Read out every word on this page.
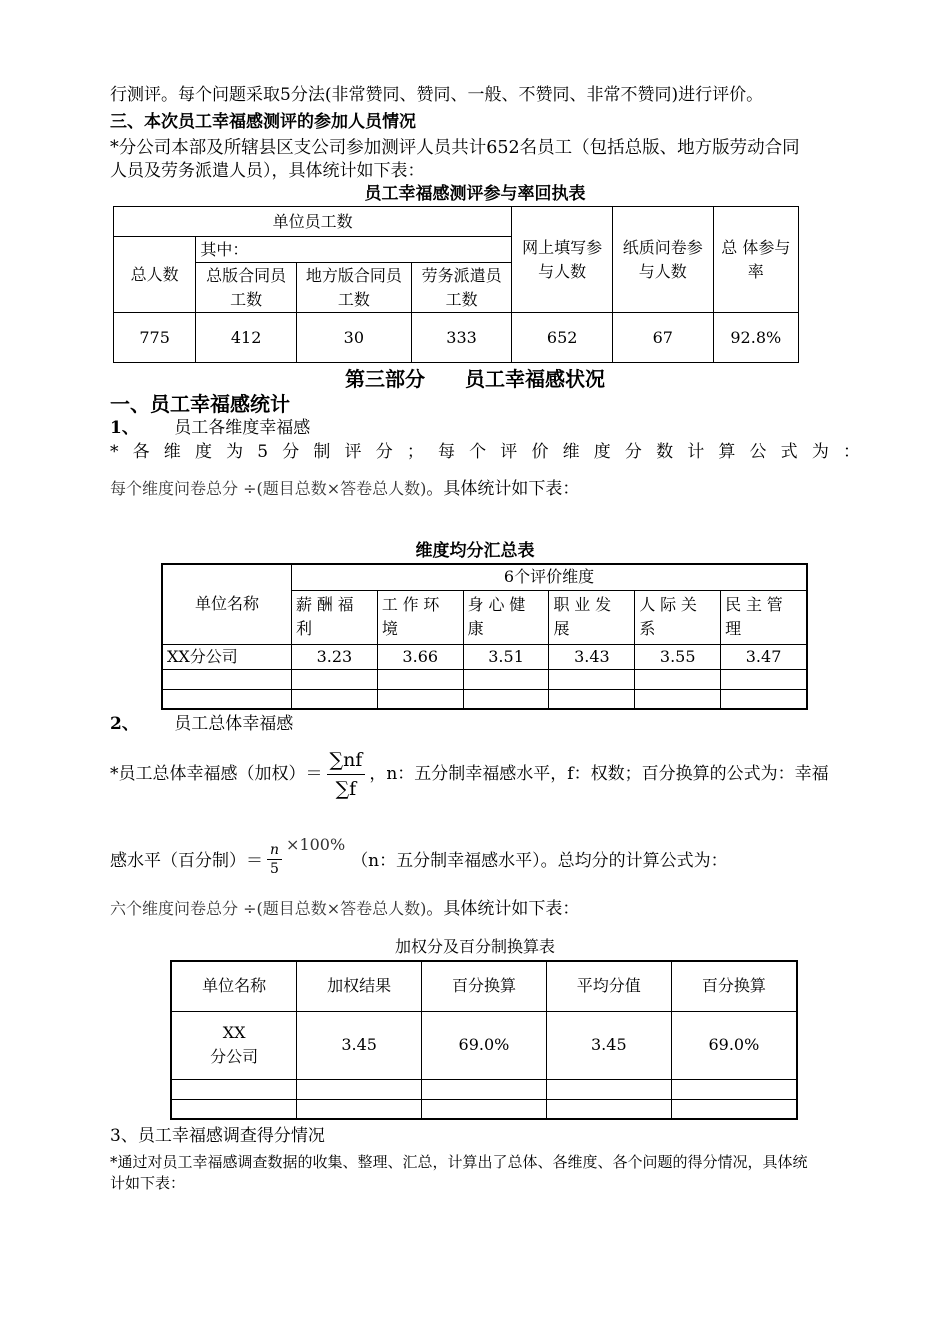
行测评。每个问题采取5分法(非常赞同、赞同、一般、不赞同、非常不赞同)进行评价。
三、本次员工幸福感测评的参加人员情况
*分公司本部及所辖县区支公司参加测评人员共计652名员工（包括总版、地方版劳动合同
人员及劳务派遣人员），具体统计如下表：
员工幸福感测评参与率回执表
单位员工数				网上填写参与人数	纸质问卷参与人数	总 体参与率
总人数	其中：					
	总版合同员工数	地方版合同员工数	劳务派遣员工数			
775	412	30	333	652	67	92.8%
第三部分　　员工幸福感状况
一、员工幸福感统计
1、 员工各维度幸福感
*各维度为5分制评分；每个评价维度分数计算公式为：
每个维度问卷总分 ÷(题目总数×答卷总人数)。具体统计如下表：
维度均分汇总表
单位名称	6个评价维度					
	薪酬福利	工作环境	身心健康	职业发展	人际关系	民主管理
XX分公司	3.23	3.66	3.51	3.43	3.55	3.47

2、 员工总体幸福感
*员工总体幸福感（加权）＝ $\frac{\sum nf}{\sum f}$ ，n：五分制幸福感水平，f：权数；百分换算的公式为：幸福
感水平（百分制）＝ $\frac{n}{5} \times 100\%$
（n：五分制幸福感水平）。总均分的计算公式为：
六个维度问卷总分 ÷(题目总数×答卷总人数)。具体统计如下表：
加权分及百分制换算表
单位名称	加权结果	百分换算	平均分值	百分换算

XX
分公司	3.45	69.0%	3.45	69.0%

3、员工幸福感调查得分情况
*通过对员工幸福感调查数据的收集、整理、汇总，计算出了总体、各维度、各个问题的得分情况，具体统
计如下表：
